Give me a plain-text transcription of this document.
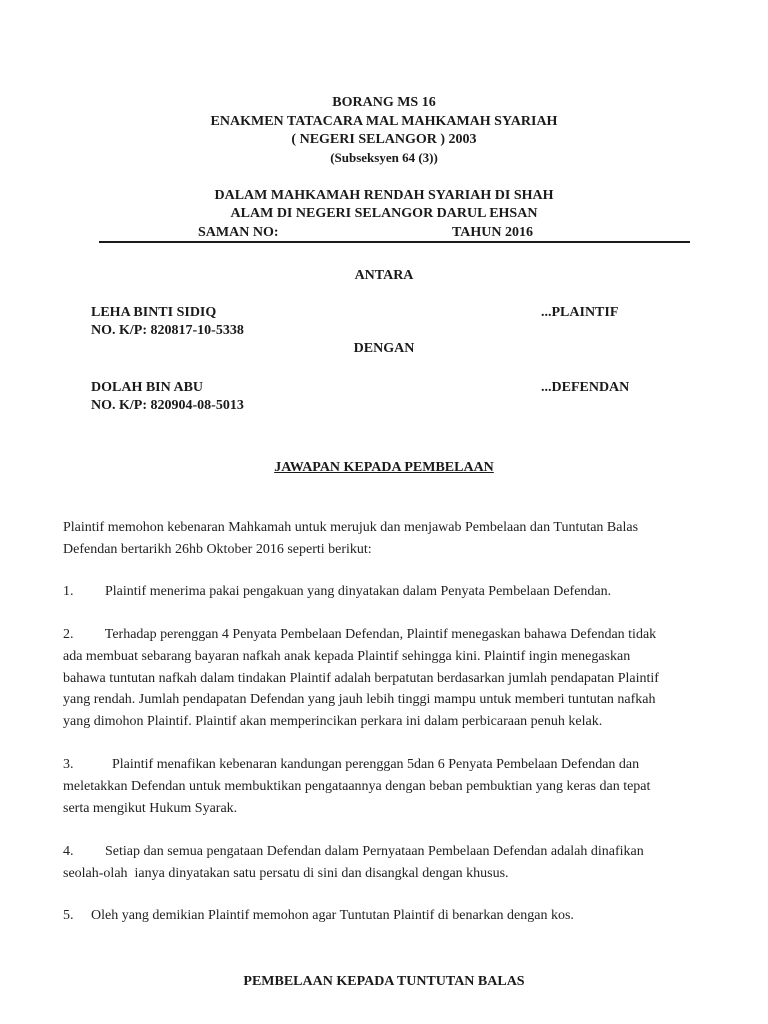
BORANG MS 16
ENAKMEN TATACARA MAL MAHKAMAH SYARIAH
( NEGERI SELANGOR ) 2003
(Subseksyen 64 (3))
DALAM MAHKAMAH RENDAH SYARIAH DI SHAH
ALAM DI NEGERI SELANGOR DARUL EHSAN
SAMAN NO:	TAHUN 2016
ANTARA
LEHA BINTI SIDIQ	...PLAINTIF
NO. K/P: 820817-10-5338
DENGAN
DOLAH BIN ABU	...DEFENDAN
NO. K/P: 820904-08-5013
JAWAPAN KEPADA PEMBELAAN
Plaintif memohon kebenaran Mahkamah untuk merujuk dan menjawab Pembelaan dan Tuntutan Balas
Defendan bertarikh 26hb Oktober 2016 seperti berikut:
1.         Plaintif menerima pakai pengakuan yang dinyatakan dalam Penyata Pembelaan Defendan.
2.         Terhadap perenggan 4 Penyata Pembelaan Defendan, Plaintif menegaskan bahawa Defendan tidak
ada membuat sebarang bayaran nafkah anak kepada Plaintif sehingga kini. Plaintif ingin menegaskan
bahawa tuntutan nafkah dalam tindakan Plaintif adalah berpatutan berdasarkan jumlah pendapatan Plaintif
yang rendah. Jumlah pendapatan Defendan yang jauh lebih tinggi mampu untuk memberi tuntutan nafkah
yang dimohon Plaintif. Plaintif akan memperincikan perkara ini dalam perbicaraan penuh kelak.
3.           Plaintif menafikan kebenaran kandungan perenggan 5dan 6 Penyata Pembelaan Defendan dan
meletakkan Defendan untuk membuktikan pengataannya dengan beban pembuktian yang keras dan tepat
serta mengikut Hukum Syarak.
4.         Setiap dan semua pengataan Defendan dalam Pernyataan Pembelaan Defendan adalah dinafikan
seolah-olah  ianya dinyatakan satu persatu di sini dan disangkal dengan khusus.
5.     Oleh yang demikian Plaintif memohon agar Tuntutan Plaintif di benarkan dengan kos.
PEMBELAAN KEPADA TUNTUTAN BALAS
